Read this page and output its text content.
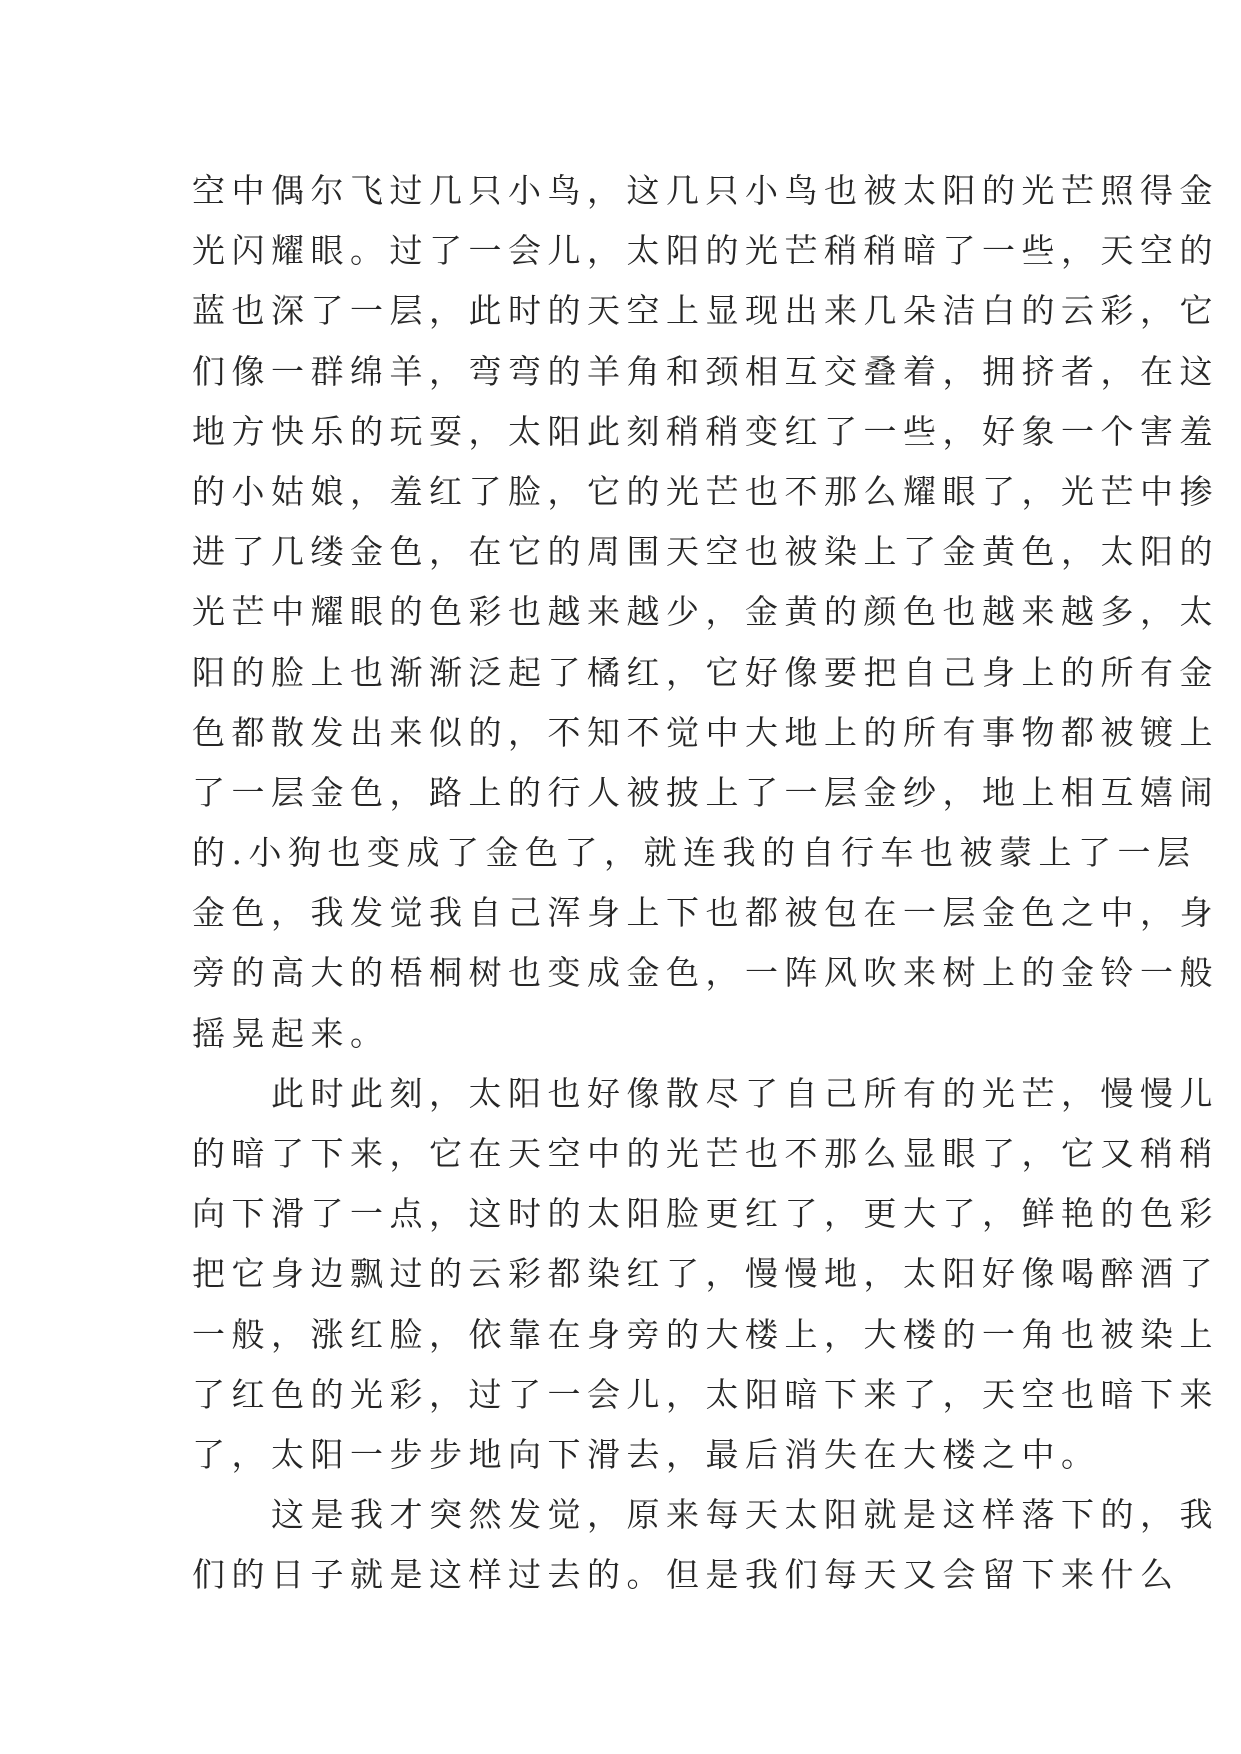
空中偶尔飞过几只小鸟，这几只小鸟也被太阳的光芒照得金
光闪耀眼。过了一会儿，太阳的光芒稍稍暗了一些，天空的
蓝也深了一层，此时的天空上显现出来几朵洁白的云彩，它
们像一群绵羊，弯弯的羊角和颈相互交叠着，拥挤者，在这
地方快乐的玩耍，太阳此刻稍稍变红了一些，好象一个害羞
的小姑娘，羞红了脸，它的光芒也不那么耀眼了，光芒中掺
进了几缕金色，在它的周围天空也被染上了金黄色，太阳的
光芒中耀眼的色彩也越来越少，金黄的颜色也越来越多，太
阳的脸上也渐渐泛起了橘红，它好像要把自己身上的所有金
色都散发出来似的，不知不觉中大地上的所有事物都被镀上
了一层金色，路上的行人被披上了一层金纱，地上相互嬉闹
的.小狗也变成了金色了，就连我的自行车也被蒙上了一层
金色，我发觉我自己浑身上下也都被包在一层金色之中，身
旁的高大的梧桐树也变成金色，一阵风吹来树上的金铃一般
摇晃起来。
　　此时此刻，太阳也好像散尽了自己所有的光芒，慢慢儿
的暗了下来，它在天空中的光芒也不那么显眼了，它又稍稍
向下滑了一点，这时的太阳脸更红了，更大了，鲜艳的色彩
把它身边飘过的云彩都染红了，慢慢地，太阳好像喝醉酒了
一般，涨红脸，依靠在身旁的大楼上，大楼的一角也被染上
了红色的光彩，过了一会儿，太阳暗下来了，天空也暗下来
了，太阳一步步地向下滑去，最后消失在大楼之中。
　　这是我才突然发觉，原来每天太阳就是这样落下的，我
们的日子就是这样过去的。但是我们每天又会留下来什么
